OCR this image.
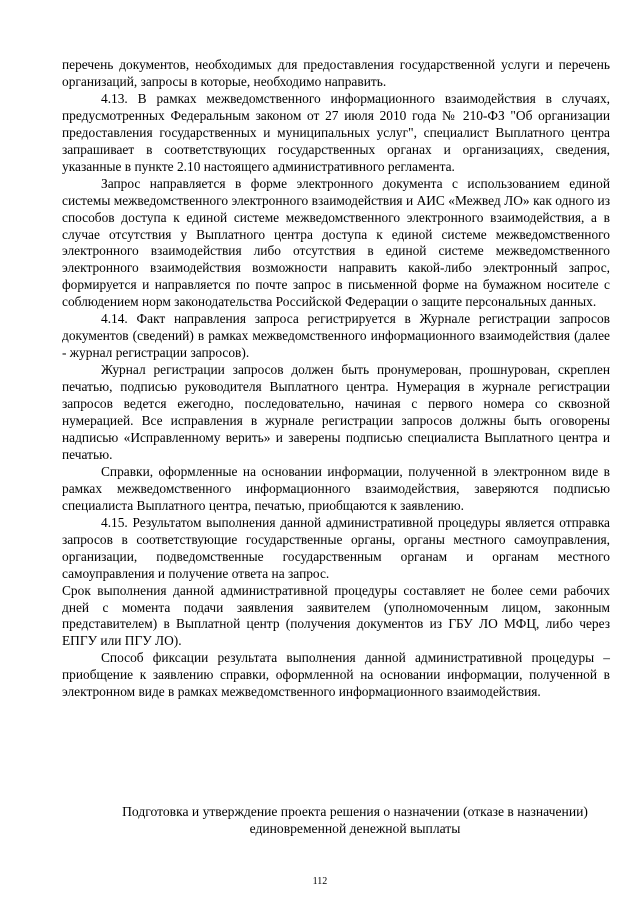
перечень документов, необходимых для предоставления государственной услуги и перечень организаций, запросы в которые, необходимо направить.

4.13. В рамках межведомственного информационного взаимодействия в случаях, предусмотренных Федеральным законом от 27 июля 2010 года № 210-ФЗ "Об организации предоставления государственных и муниципальных услуг", специалист Выплатного центра запрашивает в соответствующих государственных органах и организациях, сведения, указанные в пункте 2.10 настоящего административного регламента.

Запрос направляется в форме электронного документа с использованием единой системы межведомственного электронного взаимодействия и АИС «Межвед ЛО» как одного из способов доступа к единой системе межведомственного электронного взаимодействия, а в случае отсутствия у Выплатного центра доступа к единой системе межведомственного электронного взаимодействия либо отсутствия в единой системе межведомственного электронного взаимодействия возможности направить какой-либо электронный запрос, формируется и направляется по почте запрос в письменной форме на бумажном носителе с соблюдением норм законодательства Российской Федерации о защите персональных данных.

4.14. Факт направления запроса регистрируется в Журнале регистрации запросов документов (сведений) в рамках межведомственного информационного взаимодействия (далее - журнал регистрации запросов).

Журнал регистрации запросов должен быть пронумерован, прошнурован, скреплен печатью, подписью руководителя Выплатного центра. Нумерация в журнале регистрации запросов ведется ежегодно, последовательно, начиная с первого номера со сквозной нумерацией. Все исправления в журнале регистрации запросов должны быть оговорены надписью «Исправленному верить» и заверены подписью специалиста Выплатного центра и печатью.

Справки, оформленные на основании информации, полученной в электронном виде в рамках межведомственного информационного взаимодействия, заверяются подписью специалиста Выплатного центра, печатью, приобщаются к заявлению.

4.15. Результатом выполнения данной административной процедуры является отправка запросов в соответствующие государственные органы, органы местного самоуправления, организации, подведомственные государственным органам и органам местного самоуправления и получение ответа на запрос.

Срок выполнения данной административной процедуры составляет не более семи рабочих дней с момента подачи заявления заявителем (уполномоченным лицом, законным представителем) в Выплатной центр (получения документов из ГБУ ЛО МФЦ, либо через ЕПГУ или ПГУ ЛО).

Способ фиксации результата выполнения данной административной процедуры –приобщение к заявлению справки, оформленной на основании информации, полученной в электронном виде в рамках межведомственного информационного взаимодействия.

Подготовка и утверждение проекта решения о назначении (отказе в назначении) единовременной денежной выплаты

112
